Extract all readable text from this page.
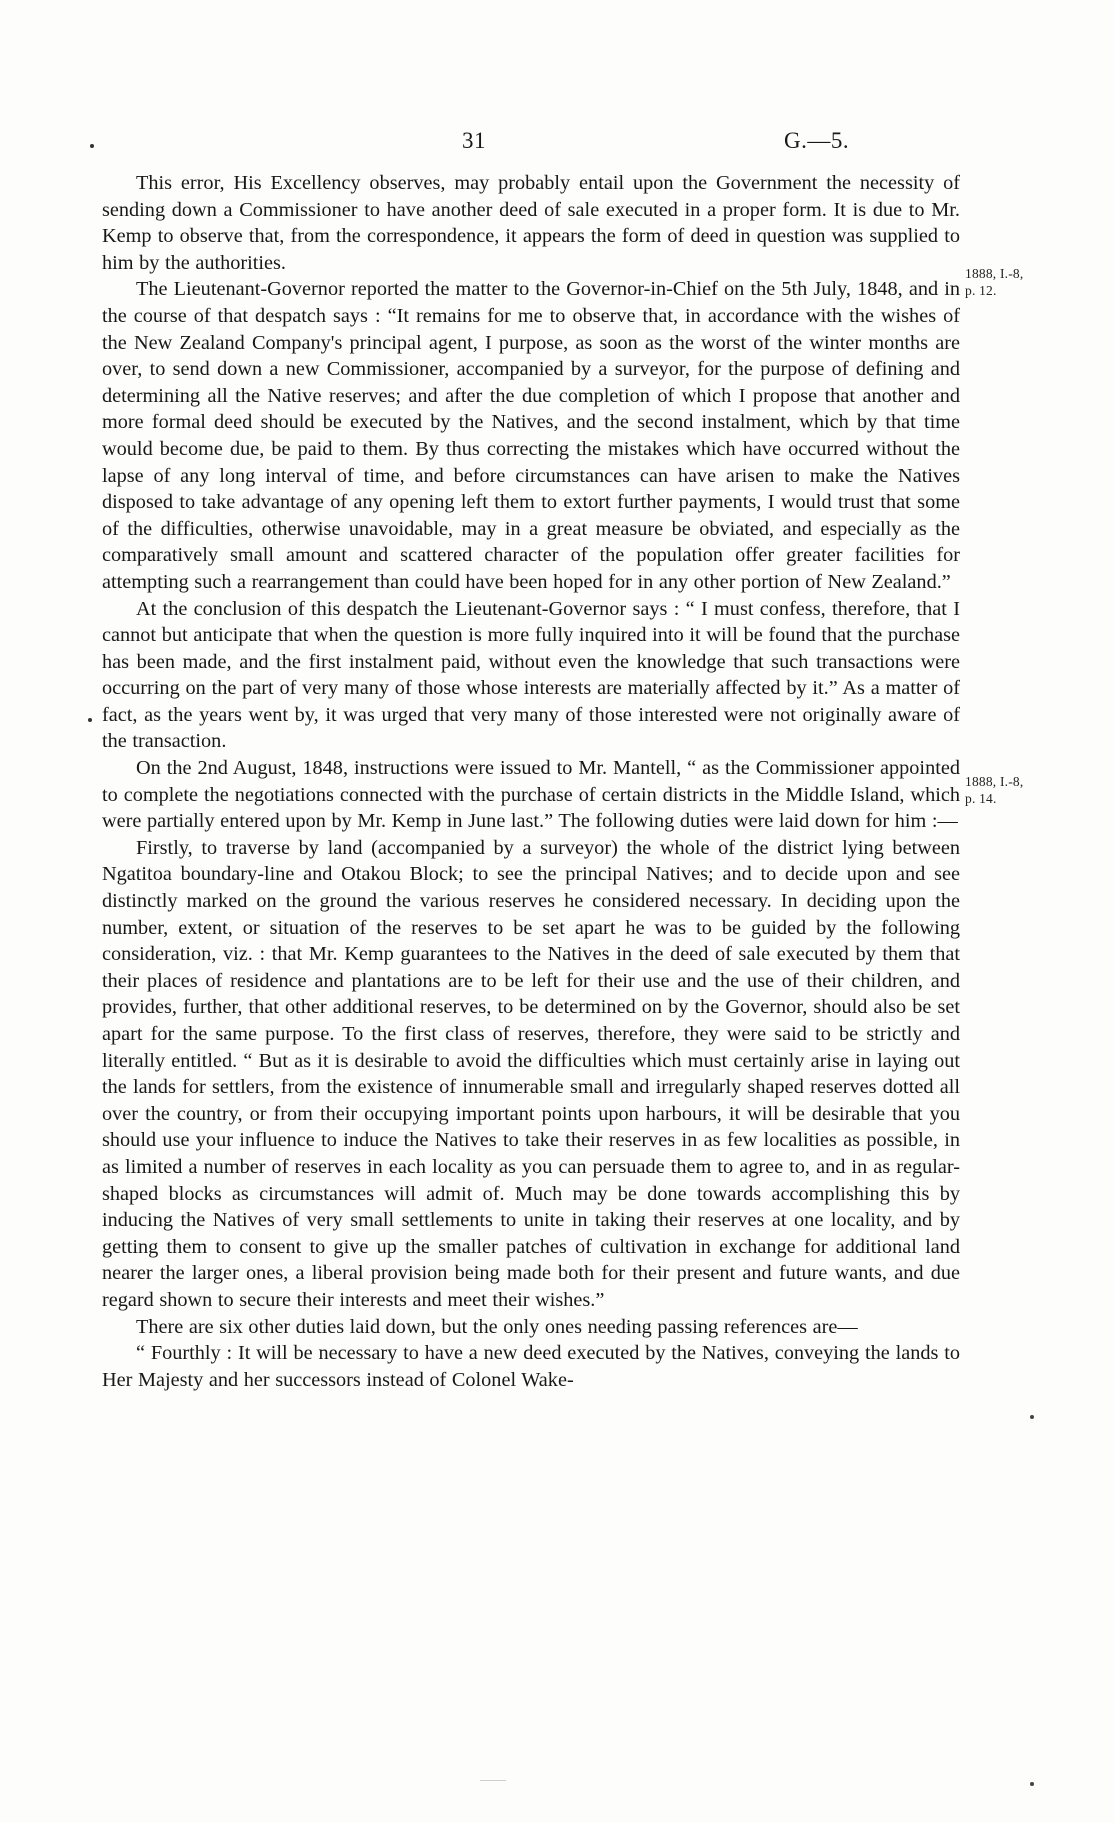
31	G.—5.

This error, His Excellency observes, may probably entail upon the Government the necessity of sending down a Commissioner to have another deed of sale executed in a proper form. It is due to Mr. Kemp to observe that, from the correspondence, it appears the form of deed in question was supplied to him by the authorities.

The Lieutenant-Governor reported the matter to the Governor-in-Chief on the 5th July, 1848, and in the course of that despatch says : “It remains for me to observe that, in accordance with the wishes of the New Zealand Company's principal agent, I purpose, as soon as the worst of the winter months are over, to send down a new Commissioner, accompanied by a surveyor, for the purpose of defining and determining all the Native reserves; and after the due completion of which I propose that another and more formal deed should be executed by the Natives, and the second instalment, which by that time would become due, be paid to them. By thus correcting the mistakes which have occurred without the lapse of any long interval of time, and before circumstances can have arisen to make the Natives disposed to take advantage of any opening left them to extort further payments, I would trust that some of the difficulties, otherwise unavoidable, may in a great measure be obviated, and especially as the comparatively small amount and scattered character of the population offer greater facilities for attempting such a rearrangement than could have been hoped for in any other portion of New Zealand.”

At the conclusion of this despatch the Lieutenant-Governor says : “ I must confess, therefore, that I cannot but anticipate that when the question is more fully inquired into it will be found that the purchase has been made, and the first instalment paid, without even the knowledge that such transactions were occurring on the part of very many of those whose interests are materially affected by it.” As a matter of fact, as the years went by, it was urged that very many of those interested were not originally aware of the transaction.

On the 2nd August, 1848, instructions were issued to Mr. Mantell, “ as the Commissioner appointed to complete the negotiations connected with the purchase of certain districts in the Middle Island, which were partially entered upon by Mr. Kemp in June last.” The following duties were laid down for him :—

Firstly, to traverse by land (accompanied by a surveyor) the whole of the district lying between Ngatitoa boundary-line and Otakou Block; to see the principal Natives; and to decide upon and see distinctly marked on the ground the various reserves he considered necessary. In deciding upon the number, extent, or situation of the reserves to be set apart he was to be guided by the following consideration, viz. : that Mr. Kemp guarantees to the Natives in the deed of sale executed by them that their places of residence and plantations are to be left for their use and the use of their children, and provides, further, that other additional reserves, to be determined on by the Governor, should also be set apart for the same purpose. To the first class of reserves, therefore, they were said to be strictly and literally entitled. “ But as it is desirable to avoid the difficulties which must certainly arise in laying out the lands for settlers, from the existence of innumerable small and irregularly shaped reserves dotted all over the country, or from their occupying important points upon harbours, it will be desirable that you should use your influence to induce the Natives to take their reserves in as few localities as possible, in as limited a number of reserves in each locality as you can persuade them to agree to, and in as regular-shaped blocks as circumstances will admit of. Much may be done towards accomplishing this by inducing the Natives of very small settlements to unite in taking their reserves at one locality, and by getting them to consent to give up the smaller patches of cultivation in exchange for additional land nearer the larger ones, a liberal provision being made both for their present and future wants, and due regard shown to secure their interests and meet their wishes.”

There are six other duties laid down, but the only ones needing passing references are—

“ Fourthly : It will be necessary to have a new deed executed by the Natives, conveying the lands to Her Majesty and her successors instead of Colonel Wake-

1888, I.-8,
p. 12.
1888, I.-8,
p. 14.
